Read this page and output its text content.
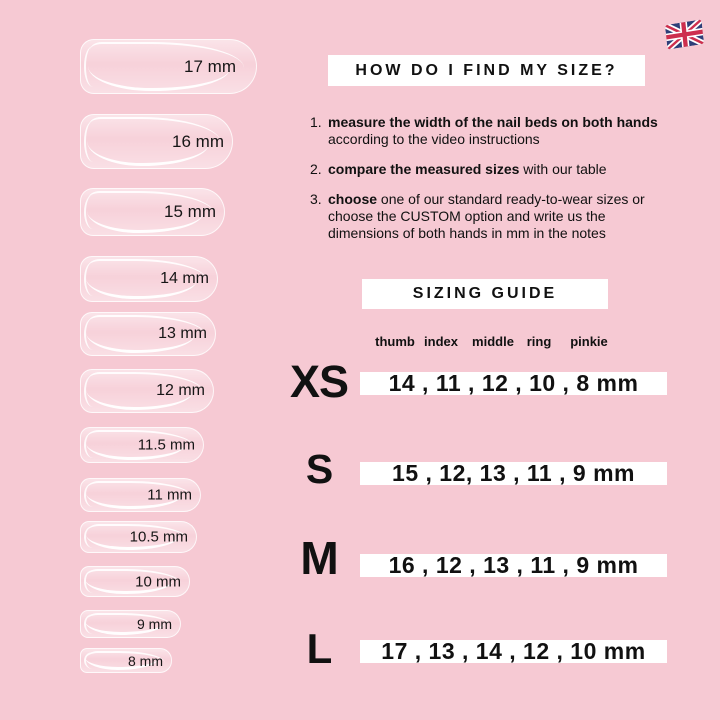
17 mm
16 mm
15 mm
14 mm
13 mm
12 mm
11.5 mm
11 mm
10.5 mm
10 mm
9 mm
8 mm
HOW DO I FIND MY SIZE?
1. measure the width of the nail beds on both hands according to the video instructions

2. compare the measured sizes with our table

3. choose one of our standard ready-to-wear sizes or choose the CUSTOM option and write us the dimensions of both hands in mm in the notes

SIZING GUIDE
thumb index middle ring pinkie
XS 14 , 11 , 12 , 10 , 8 mm
S	15 , 12, 13 , 11 , 9 mm
M	16 , 12 , 13 , 11 , 9 mm
L	17 , 13 , 14 , 12 , 10 mm
